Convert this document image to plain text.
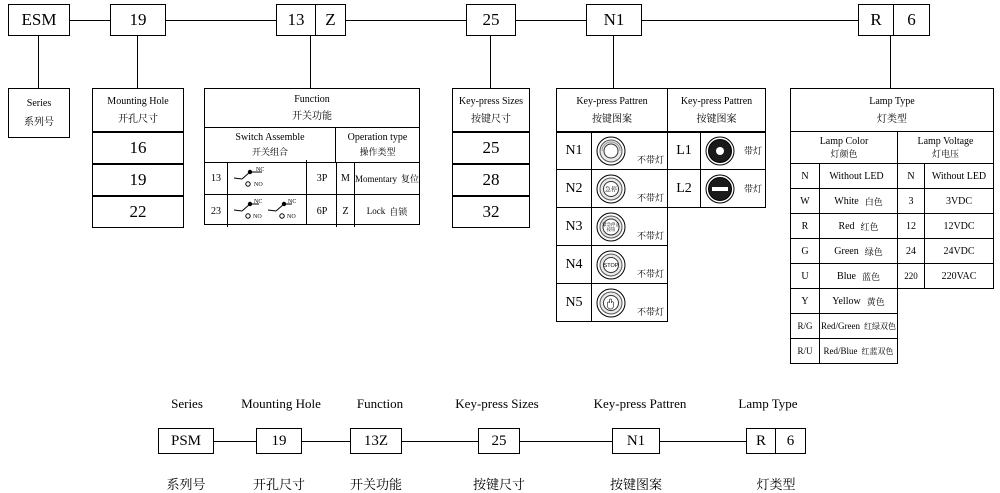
ESM	19	13 Z	25	N1	R 6
Series
系列号
Mounting Hole
开孔尺寸
16
19
22
Function
开关功能
Switch Assemble
开关组合
Operation type
操作类型
13
NC
NO
3P M Momentary 复位
23
NC
NO
NC
NO
6P Z Lock 自锁
Key-press Sizes
按键尺寸
25
28
32
Key-press Pattren
按键图案
N1
不带灯
N2	急停
不带灯
N3	紧急停止
按钮
不带灯
N4	STOP
不带灯
N5
不带灯
Key-press Pattren
按键图案
L1	带灯
L2	带灯
Lamp Type
灯类型
Lamp Color
灯颜色
Lamp Voltage
灯电压
N Without LED
W White 白色
R	Red 红色
G	Green 绿色
U	Blue 蓝色
Y Yellow 黄色
R/G Red/Green 红绿双色
R/U Red/Blue 红蓝双色
N Without LED
3	3VDC
12	12VDC
24	24VDC
220 220VAC
Series	Mounting Hole	Function	Key-press Sizes	Key-press Pattren	Lamp Type
PSM	19	13Z	25	N1	R 6
系列号	开孔尺寸	开关功能	按键尺寸	按键图案	灯类型
